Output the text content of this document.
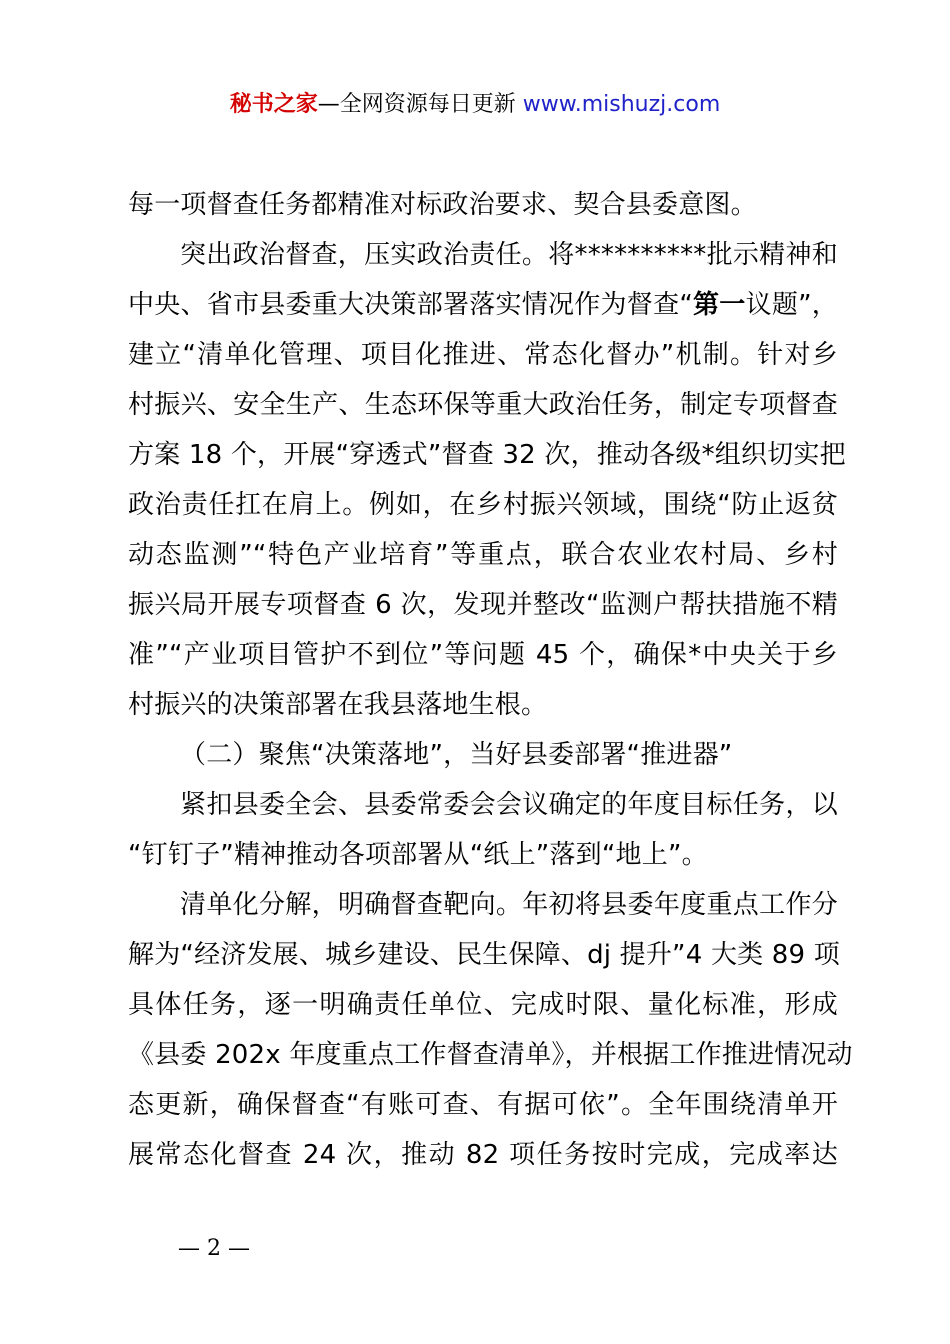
秘书之家—全网资源每日更新 www.mishuzj.com
每一项督查任务都精准对标政治要求、契合县委意图。
突出政治督查，压实政治责任。将**********批示精神和
中央、省市县委重大决策部署落实情况作为督查“第一议题”，
建立“清单化管理、项目化推进、常态化督办”机制。针对乡
村振兴、安全生产、生态环保等重大政治任务，制定专项督查
方案 18 个，开展“穿透式”督查 32 次，推动各级*组织切实把
政治责任扛在肩上。例如，在乡村振兴领域，围绕“防止返贫
动态监测”“特色产业培育”等重点，联合农业农村局、乡村
振兴局开展专项督查 6 次，发现并整改“监测户帮扶措施不精
准”“产业项目管护不到位”等问题 45 个，确保*中央关于乡
村振兴的决策部署在我县落地生根。
（二）聚焦“决策落地”，当好县委部署“推进器”
紧扣县委全会、县委常委会会议确定的年度目标任务，以
“钉钉子”精神推动各项部署从“纸上”落到“地上”。
清单化分解，明确督查靶向。年初将县委年度重点工作分
解为“经济发展、城乡建设、民生保障、dj 提升”4 大类 89 项
具体任务，逐一明确责任单位、完成时限、量化标准，形成
《县委 202x 年度重点工作督查清单》，并根据工作推进情况动
态更新，确保督查“有账可查、有据可依”。全年围绕清单开
展常态化督查 24 次，推动 82 项任务按时完成，完成率达
— 2 —
